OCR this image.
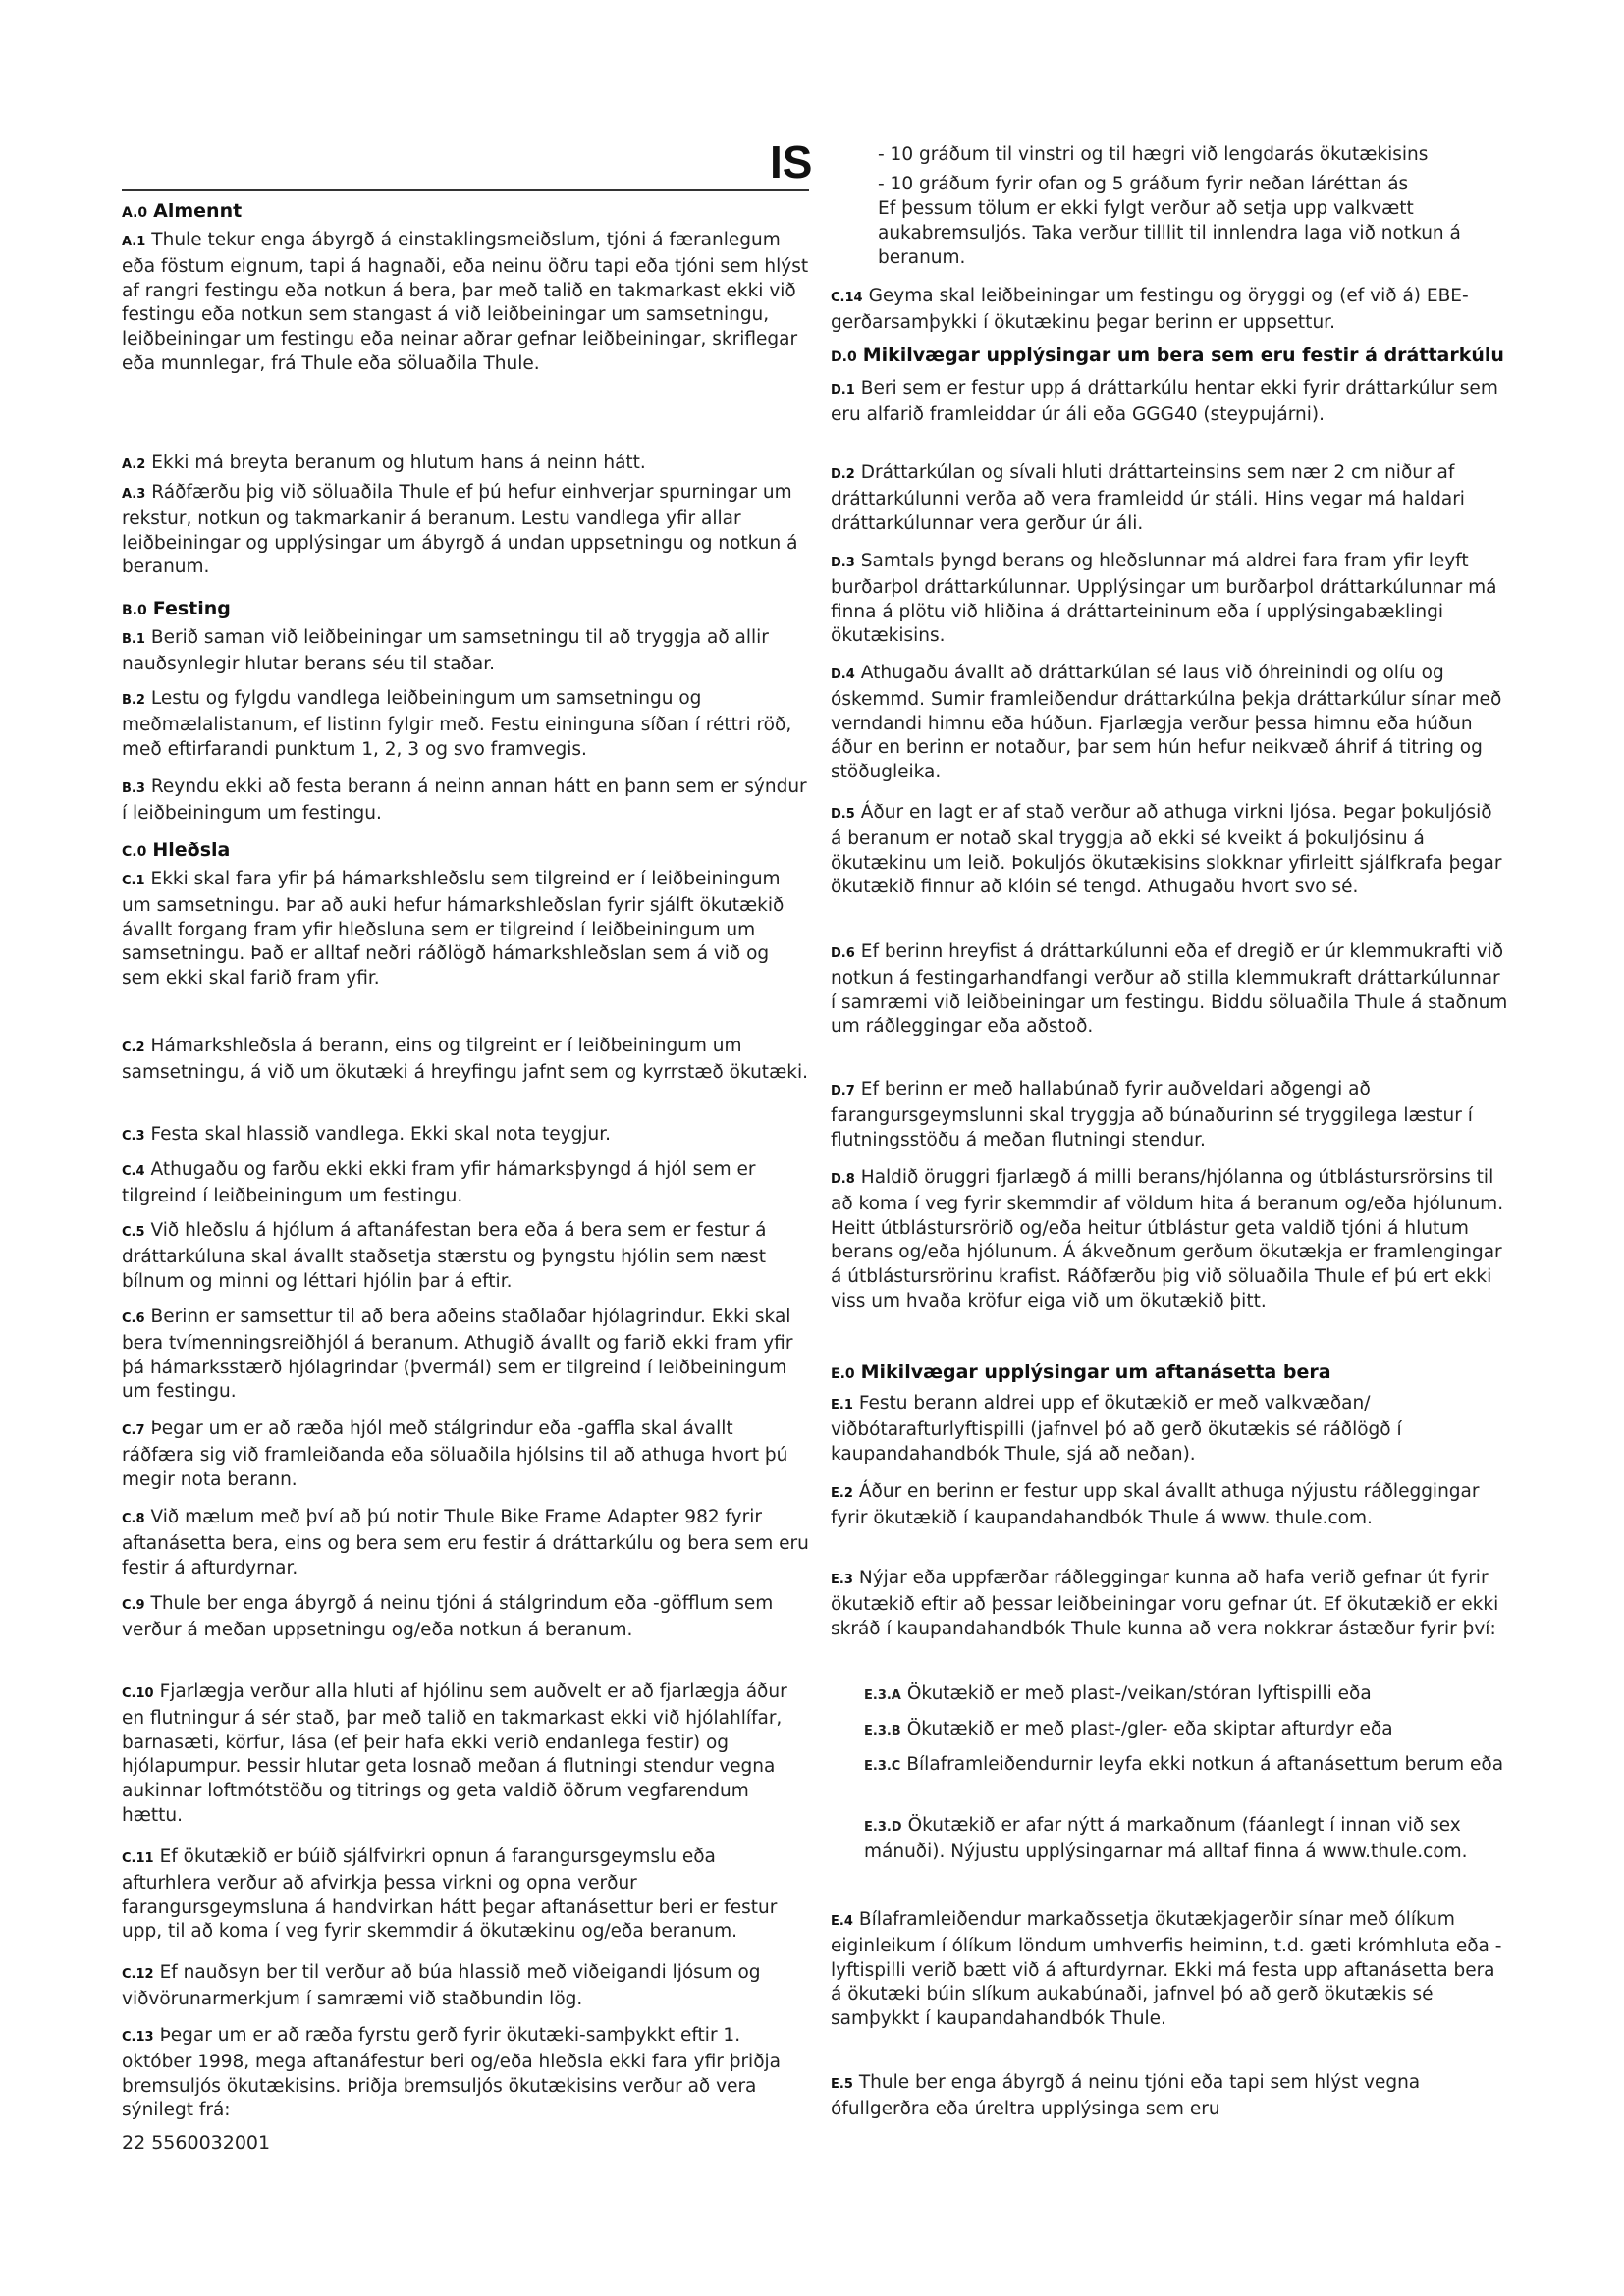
IS
A.0 Almennt
A.1 Thule tekur enga ábyrgð á einstaklingsmeiðslum, tjóni á færanlegum eða föstum eignum, tapi á hagnaði, eða neinu öðru tapi eða tjóni sem hlýst af rangri festingu eða notkun á bera, þar með talið en takmarkast ekki við festingu eða notkun sem stangast á við leiðbeiningar um samsetningu, leiðbeiningar um festingu eða neinar aðrar gefnar leiðbeiningar, skriflegar eða munnlegar, frá Thule eða söluaðila Thule.
A.2 Ekki má breyta beranum og hlutum hans á neinn hátt.
A.3 Ráðfærðu þig við söluaðila Thule ef þú hefur einhverjar spurningar um rekstur, notkun og takmarkanir á beranum. Lestu vandlega yfir allar leiðbeiningar og upplýsingar um ábyrgð á undan uppsetningu og notkun á beranum.
B.0 Festing
B.1 Berið saman við leiðbeiningar um samsetningu til að tryggja að allir nauðsynlegir hlutar berans séu til staðar.
B.2 Lestu og fylgdu vandlega leiðbeiningum um samsetningu og meðmælalistanum, ef listinn fylgir með. Festu eininguna síðan í réttri röð, með eftirfarandi punktum 1, 2, 3 og svo framvegis.
B.3 Reyndu ekki að festa berann á neinn annan hátt en þann sem er sýndur í leiðbeiningum um festingu.
C.0 Hleðsla
C.1 Ekki skal fara yfir þá hámarkshleðslu sem tilgreind er í leiðbeiningum um samsetningu. Þar að auki hefur hámarkshleðslan fyrir sjálft ökutækið ávallt forgang fram yfir hleðsluna sem er tilgreind í leiðbeiningum um samsetningu. Það er alltaf neðri ráðlögð hámarkshleðslan sem á við og sem ekki skal farið fram yfir.
C.2 Hámarkshleðsla á berann, eins og tilgreint er í leiðbeiningum um samsetningu, á við um ökutæki á hreyfingu jafnt sem og kyrrstæð ökutæki.
C.3 Festa skal hlassið vandlega. Ekki skal nota teygjur.
C.4 Athugaðu og farðu ekki ekki fram yfir hámarksþyngd á hjól sem er tilgreind í leiðbeiningum um festingu.
C.5 Við hleðslu á hjólum á aftanáfestan bera eða á bera sem er festur á dráttarkúluna skal ávallt staðsetja stærstu og þyngstu hjólin sem næst bílnum og minni og léttari hjólin þar á eftir.
C.6 Berinn er samsettur til að bera aðeins staðlaðar hjólagrindur. Ekki skal bera tvímenningsreiðhjól á beranum. Athugið ávallt og farið ekki fram yfir þá hámarksstærð hjólagrindar (þvermál) sem er tilgreind í leiðbeiningum um festingu.
C.7 Þegar um er að ræða hjól með stálgrindur eða -gaffla skal ávallt ráðfæra sig við framleiðanda eða söluaðila hjólsins til að athuga hvort þú megir nota berann.
C.8 Við mælum með því að þú notir Thule Bike Frame Adapter 982 fyrir aftanásetta bera, eins og bera sem eru festir á dráttarkúlu og bera sem eru festir á afturdyrnar.
C.9 Thule ber enga ábyrgð á neinu tjóni á stálgrindum eða -göfflum sem verður á meðan uppsetningu og/eða notkun á beranum.
C.10 Fjarlægja verður alla hluti af hjólinu sem auðvelt er að fjarlægja áður en flutningur á sér stað, þar með talið en takmarkast ekki við hjólahlífar, barnasæti, körfur, lása (ef þeir hafa ekki verið endanlega festir) og hjólapumpur. Þessir hlutar geta losnað meðan á flutningi stendur vegna aukinnar loftmótstöðu og titrings og geta valdið öðrum vegfarendum hættu.
C.11 Ef ökutækið er búið sjálfvirkri opnun á farangursgeymslu eða afturhlera verður að afvirkja þessa virkni og opna verður farangursgeymsluna á handvirkan hátt þegar aftanásettur beri er festur upp, til að koma í veg fyrir skemmdir á ökutækinu og/eða beranum.
C.12 Ef nauðsyn ber til verður að búa hlassið með viðeigandi ljósum og viðvörunarmerkjum í samræmi við staðbundin lög.
C.13 Þegar um er að ræða fyrstu gerð fyrir ökutæki-samþykkt eftir 1. október 1998, mega aftanáfestur beri og/eða hleðsla ekki fara yfir þriðja bremsuljós ökutækisins. Þriðja bremsuljós ökutækisins verður að vera sýnilegt frá:
- 10 gráðum til vinstri og til hægri við lengdarás ökutækisins
- 10 gráðum fyrir ofan og 5 gráðum fyrir neðan láréttan ás
Ef þessum tölum er ekki fylgt verður að setja upp valkvætt aukabremsuljós. Taka verður tilllit til innlendra laga við notkun á beranum.
C.14 Geyma skal leiðbeiningar um festingu og öryggi og (ef við á) EBE-gerðarsamþykki í ökutækinu þegar berinn er uppsettur.
D.0 Mikilvægar upplýsingar um bera sem eru festir á dráttarkúlu
D.1 Beri sem er festur upp á dráttarkúlu hentar ekki fyrir dráttarkúlur sem eru alfarið framleiddar úr áli eða GGG40 (steypujárni).
D.2 Dráttarkúlan og sívali hluti dráttarteinsins sem nær 2 cm niður af dráttarkúlunni verða að vera framleidd úr stáli. Hins vegar má haldari dráttarkúlunnar vera gerður úr áli.
D.3 Samtals þyngd berans og hleðslunnar má aldrei fara fram yfir leyft burðarþol dráttarkúlunnar. Upplýsingar um burðarþol dráttarkúlunnar má finna á plötu við hliðina á dráttarteininum eða í upplýsingabæklingi ökutækisins.
D.4 Athugaðu ávallt að dráttarkúlan sé laus við óhreinindi og olíu og óskemmd. Sumir framleiðendur dráttarkúlna þekja dráttarkúlur sínar með verndandi himnu eða húðun. Fjarlægja verður þessa himnu eða húðun áður en berinn er notaður, þar sem hún hefur neikvæð áhrif á titring og stöðugleika.
D.5 Áður en lagt er af stað verður að athuga virkni ljósa. Þegar þokuljósið á beranum er notað skal tryggja að ekki sé kveikt á þokuljósinu á ökutækinu um leið. Þokuljós ökutækisins slokknar yfirleitt sjálfkrafa þegar ökutækið finnur að klóin sé tengd. Athugaðu hvort svo sé.
D.6 Ef berinn hreyfist á dráttarkúlunni eða ef dregið er úr klemmukrafti við notkun á festingarhandfangi verður að stilla klemmukraft dráttarkúlunnar í samræmi við leiðbeiningar um festingu. Biddu söluaðila Thule á staðnum um ráðleggingar eða aðstoð.
D.7 Ef berinn er með hallabúnað fyrir auðveldari aðgengi að farangursgeymslunni skal tryggja að búnaðurinn sé tryggilega læstur í flutningsstöðu á meðan flutningi stendur.
D.8 Haldið öruggri fjarlægð á milli berans/hjólanna og útblástursrörsins til að koma í veg fyrir skemmdir af völdum hita á beranum og/eða hjólunum. Heitt útblástursrörið og/eða heitur útblástur geta valdið tjóni á hlutum berans og/eða hjólunum. Á ákveðnum gerðum ökutækja er framlengingar á útblástursrörinu krafist. Ráðfærðu þig við söluaðila Thule ef þú ert ekki viss um hvaða kröfur eiga við um ökutækið þitt.
E.0 Mikilvægar upplýsingar um aftanásetta bera
E.1 Festu berann aldrei upp ef ökutækið er með valkvæðan/ viðbótarafturlyftispilli (jafnvel þó að gerð ökutækis sé ráðlögð í kaupandahandbók Thule, sjá að neðan).
E.2 Áður en berinn er festur upp skal ávallt athuga nýjustu ráðleggingar fyrir ökutækið í kaupandahandbók Thule á www. thule.com.
E.3 Nýjar eða uppfærðar ráðleggingar kunna að hafa verið gefnar út fyrir ökutækið eftir að þessar leiðbeiningar voru gefnar út. Ef ökutækið er ekki skráð í kaupandahandbók Thule kunna að vera nokkrar ástæður fyrir því:
E.3.A Ökutækið er með plast-/veikan/stóran lyftispilli eða
E.3.B Ökutækið er með plast-/gler- eða skiptar afturdyr eða
E.3.C Bílaframleiðendurnir leyfa ekki notkun á aftanásettum berum eða
E.3.D Ökutækið er afar nýtt á markaðnum (fáanlegt í innan við sex mánuði). Nýjustu upplýsingarnar má alltaf finna á www.thule.com.
E.4 Bílaframleiðendur markaðssetja ökutækjagerðir sínar með ólíkum eiginleikum í ólíkum löndum umhverfis heiminn, t.d. gæti krómhluta eða -lyftispilli verið bætt við á afturdyrnar. Ekki má festa upp aftanásetta bera á ökutæki búin slíkum aukabúnaði, jafnvel þó að gerð ökutækis sé samþykkt í kaupandahandbók Thule.
E.5 Thule ber enga ábyrgð á neinu tjóni eða tapi sem hlýst vegna ófullgerðra eða úreltra upplýsinga sem eru
22 5560032001
